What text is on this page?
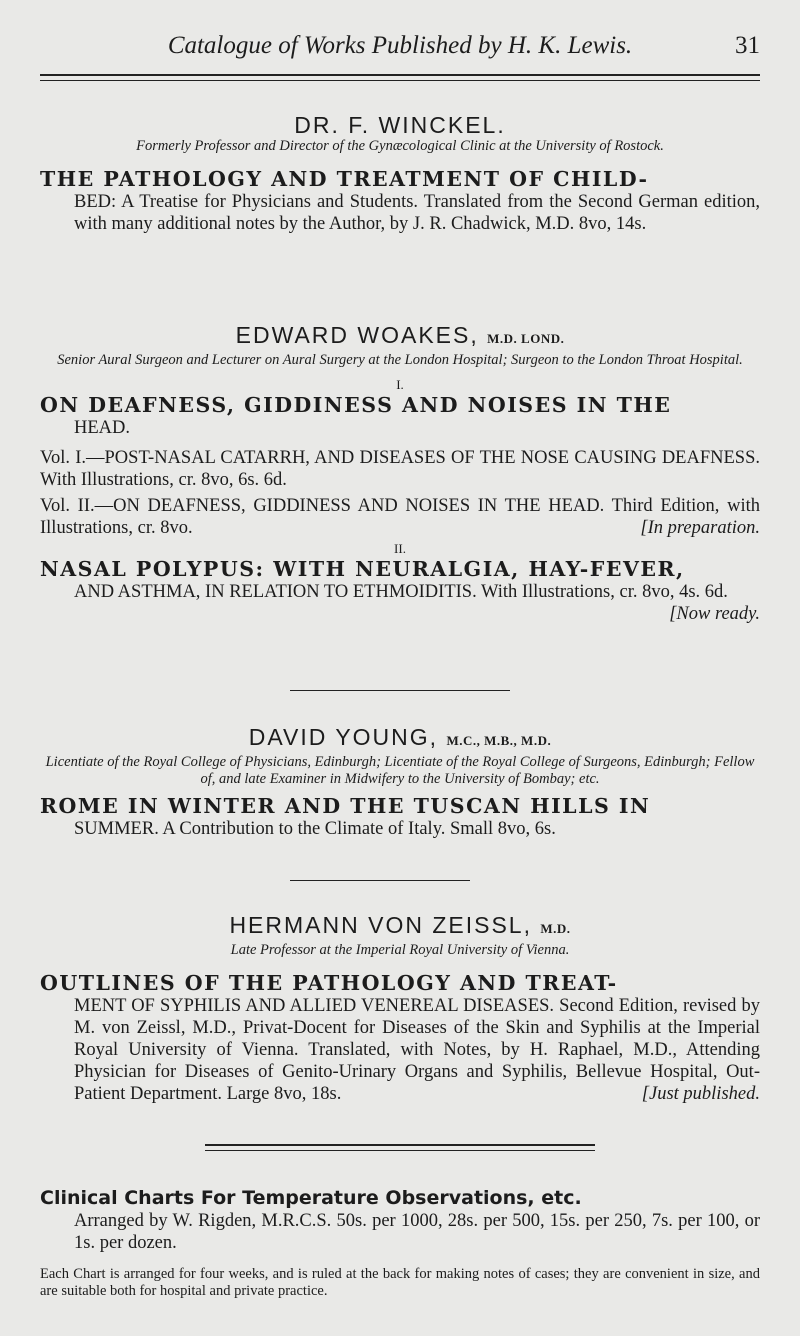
Catalogue of Works Published by H. K. Lewis.	31
DR. F. WINCKEL.
Formerly Professor and Director of the Gynæcological Clinic at the University of Rostock.
THE PATHOLOGY AND TREATMENT OF CHILD-
BED: A Treatise for Physicians and Students. Translated from the Second German edition, with many additional notes by the Author, by J. R. Chadwick, M.D. 8vo, 14s.
EDWARD WOAKES, M.D. LOND.
Senior Aural Surgeon and Lecturer on Aural Surgery at the London Hospital; Surgeon to the London Throat Hospital.
I.
ON DEAFNESS, GIDDINESS AND NOISES IN THE
HEAD.
Vol. I.—POST-NASAL CATARRH, AND DISEASES OF THE NOSE CAUSING DEAFNESS. With Illustrations, cr. 8vo, 6s. 6d.
Vol. II.—ON DEAFNESS, GIDDINESS AND NOISES IN THE HEAD. Third Edition, with Illustrations, cr. 8vo.	[In preparation.
II.
NASAL POLYPUS: WITH NEURALGIA, HAY-FEVER,
AND ASTHMA, IN RELATION TO ETHMOIDITIS. With Illustrations, cr. 8vo, 4s. 6d.
[Now ready.
DAVID YOUNG, M.C., M.B., M.D.
Licentiate of the Royal College of Physicians, Edinburgh; Licentiate of the Royal College of Surgeons, Edinburgh; Fellow of, and late Examiner in Midwifery to the University of Bombay; etc.
ROME IN WINTER AND THE TUSCAN HILLS IN
SUMMER. A Contribution to the Climate of Italy. Small 8vo, 6s.
HERMANN VON ZEISSL, M.D.
Late Professor at the Imperial Royal University of Vienna.
OUTLINES OF THE PATHOLOGY AND TREAT-
MENT OF SYPHILIS AND ALLIED VENEREAL DISEASES. Second Edition, revised by M. von Zeissl, M.D., Privat-Docent for Diseases of the Skin and Syphilis at the Imperial Royal University of Vienna. Translated, with Notes, by H. Raphael, M.D., Attending Physician for Diseases of Genito-Urinary Organs and Syphilis, Bellevue Hospital, Out-Patient Department. Large 8vo, 18s.	[Just published.
Clinical Charts For Temperature Observations, etc.
Arranged by W. Rigden, M.R.C.S. 50s. per 1000, 28s. per 500, 15s. per 250, 7s. per 100, or 1s. per dozen.
Each Chart is arranged for four weeks, and is ruled at the back for making notes of cases; they are convenient in size, and are suitable both for hospital and private practice.
